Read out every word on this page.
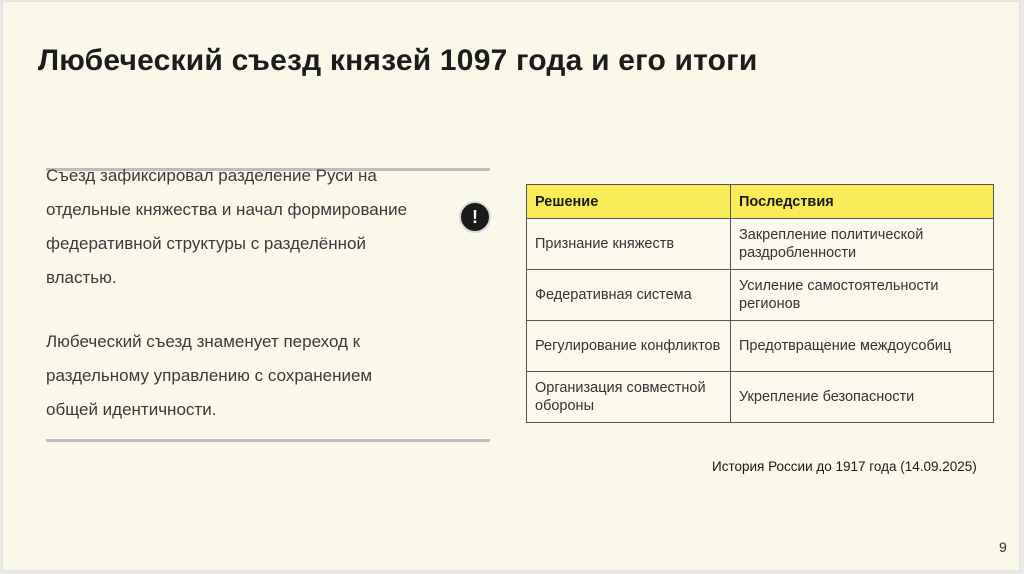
Любеческий съезд князей 1097 года и его итоги

Съезд зафиксировал разделение Руси на отдельные княжества и начал формирование федеративной структуры с разделённой властью.

Любеческий съезд знаменует переход к раздельному управлению с сохранением общей идентичности.

!
Решение	Последствия
Признание княжеств	Закрепление политической раздробленности
Федеративная система	Усиление самостоятельности регионов
Регулирование конфликтов	Предотвращение междоусобиц
Организация совместной обороны	Укрепление безопасности
История России до 1917 года (14.09.2025)
9
